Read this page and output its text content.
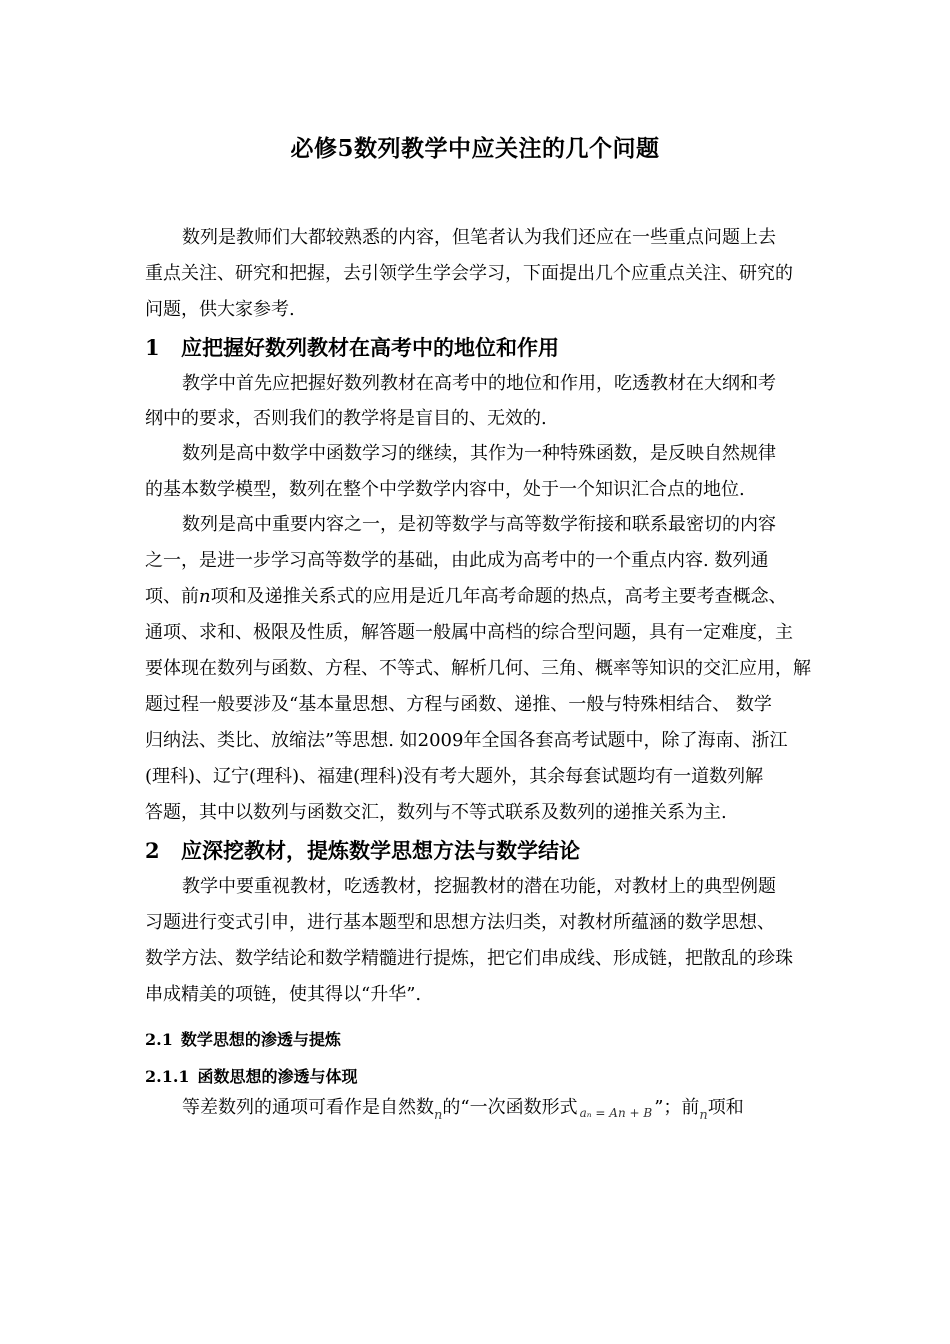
必修5数列教学中应关注的几个问题
数列是教师们大都较熟悉的内容，但笔者认为我们还应在一些重点问题上去
重点关注、研究和把握，去引领学生学会学习，下面提出几个应重点关注、研究的
问题，供大家参考.
1 应把握好数列教材在高考中的地位和作用
教学中首先应把握好数列教材在高考中的地位和作用，吃透教材在大纲和考
纲中的要求，否则我们的教学将是盲目的、无效的.
数列是高中数学中函数学习的继续，其作为一种特殊函数，是反映自然规律
的基本数学模型，数列在整个中学数学内容中，处于一个知识汇合点的地位.
数列是高中重要内容之一，是初等数学与高等数学衔接和联系最密切的内容
之一，是进一步学习高等数学的基础，由此成为高考中的一个重点内容. 数列通
项、前n项和及递推关系式的应用是近几年高考命题的热点，高考主要考查概念、
通项、求和、极限及性质，解答题一般属中高档的综合型问题，具有一定难度，主
要体现在数列与函数、方程、不等式、解析几何、三角、概率等知识的交汇应用，解
题过程一般要涉及“基本量思想、方程与函数、递推、一般与特殊相结合、 数学
归纳法、类比、放缩法”等思想. 如2009年全国各套高考试题中，除了海南、浙江
(理科)、辽宁(理科)、福建(理科)没有考大题外，其余每套试题均有一道数列解
答题，其中以数列与函数交汇，数列与不等式联系及数列的递推关系为主.
2 应深挖教材，提炼数学思想方法与数学结论
教学中要重视教材，吃透教材，挖掘教材的潜在功能，对教材上的典型例题
习题进行变式引申，进行基本题型和思想方法归类，对教材所蕴涵的数学思想、
数学方法、数学结论和数学精髓进行提炼，把它们串成线、形成链，把散乱的珍珠
串成精美的项链，使其得以“升华”.
2.1 数学思想的渗透与提炼
2.1.1 函数思想的渗透与体现
等差数列的通项可看作是自然数$_n$的“一次函数形式 $_{a_n = An + B}$ ”；前$_n$项和
